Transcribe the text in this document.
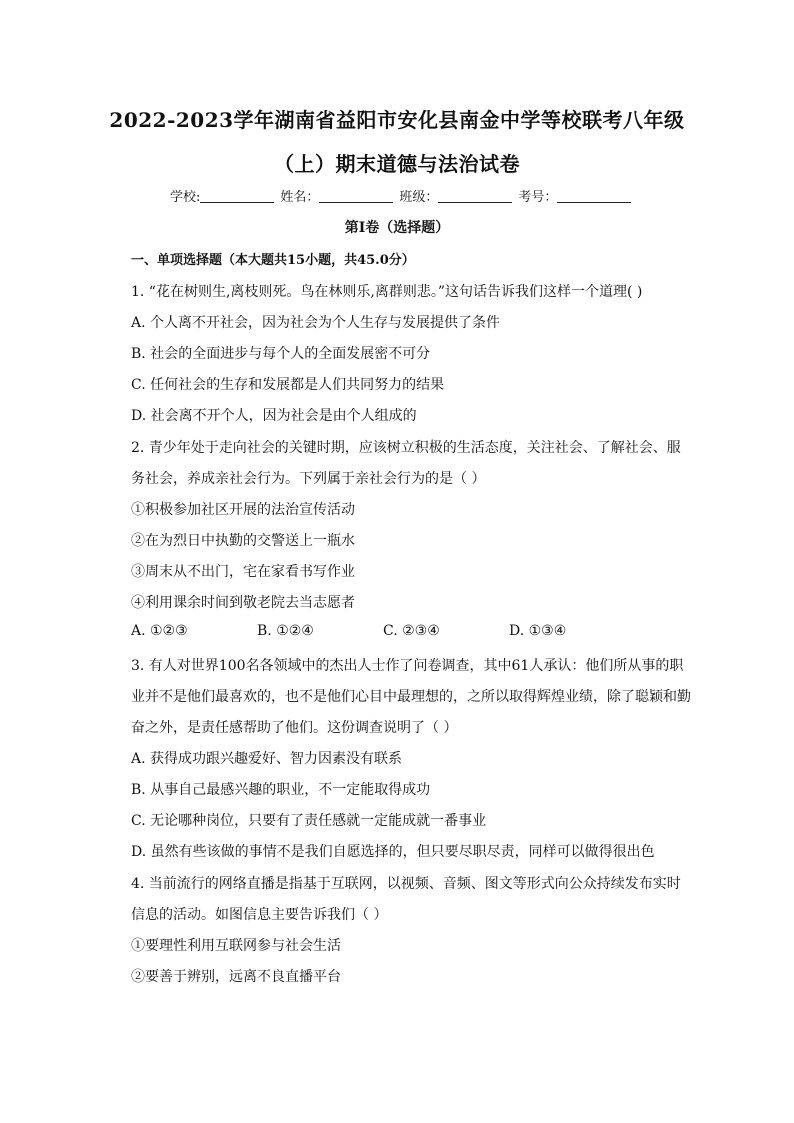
2022-2023学年湖南省益阳市安化县南金中学等校联考八年级
（上）期末道德与法治试卷
学校:	姓名：	班级：	考号：
第I卷（选择题）
一、单项选择题（本大题共15小题，共45.0分）
1. “花在树则生,离枝则死。鸟在林则乐,离群则悲。”这句话告诉我们这样一个道理( )
A. 个人离不开社会，因为社会为个人生存与发展提供了条件
B. 社会的全面进步与每个人的全面发展密不可分
C. 任何社会的生存和发展都是人们共同努力的结果
D. 社会离不开个人，因为社会是由个人组成的
2. 青少年处于走向社会的关键时期，应该树立积极的生活态度，关注社会、了解社会、服
务社会，养成亲社会行为。下列属于亲社会行为的是（ ）
①积极参加社区开展的法治宣传活动
②在为烈日中执勤的交警送上一瓶水
③周末从不出门，宅在家看书写作业
④利用课余时间到敬老院去当志愿者
A. ①②③	B. ①②④	C. ②③④	D. ①③④
3. 有人对世界100名各领域中的杰出人士作了问卷调查，其中61人承认：他们所从事的职
业并不是他们最喜欢的，也不是他们心目中最理想的，之所以取得辉煌业绩，除了聪颖和勤
奋之外，是责任感帮助了他们。这份调查说明了（ ）
A. 获得成功跟兴趣爱好、智力因素没有联系
B. 从事自己最感兴趣的职业，不一定能取得成功
C. 无论哪种岗位，只要有了责任感就一定能成就一番事业
D. 虽然有些该做的事情不是我们自愿选择的，但只要尽职尽责，同样可以做得很出色
4. 当前流行的网络直播是指基于互联网，以视频、音频、图文等形式向公众持续发布实时
信息的活动。如图信息主要告诉我们（ ）
①要理性利用互联网参与社会生活
②要善于辨别，远离不良直播平台
